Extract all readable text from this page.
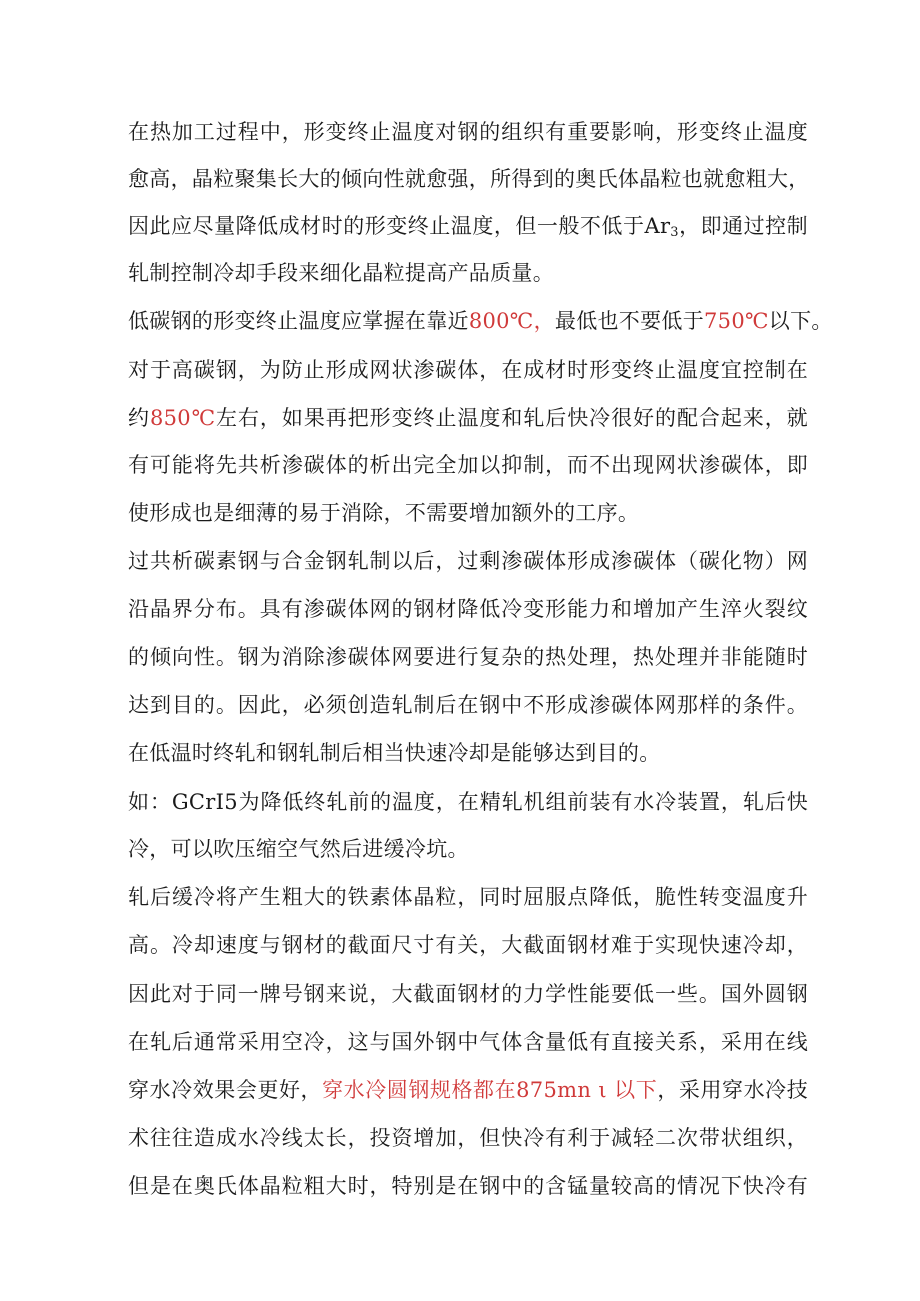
在热加工过程中，形变终止温度对钢的组织有重要影响，形变终止温度
愈高，晶粒聚集长大的倾向性就愈强，所得到的奥氏体晶粒也就愈粗大，
因此应尽量降低成材时的形变终止温度，但一般不低于$Ar_3$，即通过控制
轧制控制冷却手段来细化晶粒提高产品质量。
低碳钢的形变终止温度应掌握在靠近800℃，最低也不要低于750℃以下。
对于高碳钢，为防止形成网状渗碳体，在成材时形变终止温度宜控制在
约850℃左右，如果再把形变终止温度和轧后快冷很好的配合起来，就
有可能将先共析渗碳体的析出完全加以抑制，而不出现网状渗碳体，即
使形成也是细薄的易于消除，不需要增加额外的工序。
过共析碳素钢与合金钢轧制以后，过剩渗碳体形成渗碳体（碳化物）网
沿晶界分布。具有渗碳体网的钢材降低冷变形能力和增加产生淬火裂纹
的倾向性。钢为消除渗碳体网要进行复杂的热处理，热处理并非能随时
达到目的。因此，必须创造轧制后在钢中不形成渗碳体网那样的条件。
在低温时终轧和钢轧制后相当快速冷却是能够达到目的。
如：GCrI5为降低终轧前的温度，在精轧机组前装有水冷装置，轧后快
冷，可以吹压缩空气然后进缓冷坑。
轧后缓冷将产生粗大的铁素体晶粒，同时屈服点降低，脆性转变温度升
高。冷却速度与钢材的截面尺寸有关，大截面钢材难于实现快速冷却，
因此对于同一牌号钢来说，大截面钢材的力学性能要低一些。国外圆钢
在轧后通常采用空冷，这与国外钢中气体含量低有直接关系，采用在线
穿水冷效果会更好，穿水冷圆钢规格都在875mn ι 以下，采用穿水冷技
术往往造成水冷线太长，投资增加，但快冷有利于减轻二次带状组织，
但是在奥氏体晶粒粗大时，特别是在钢中的含锰量较高的情况下快冷有
